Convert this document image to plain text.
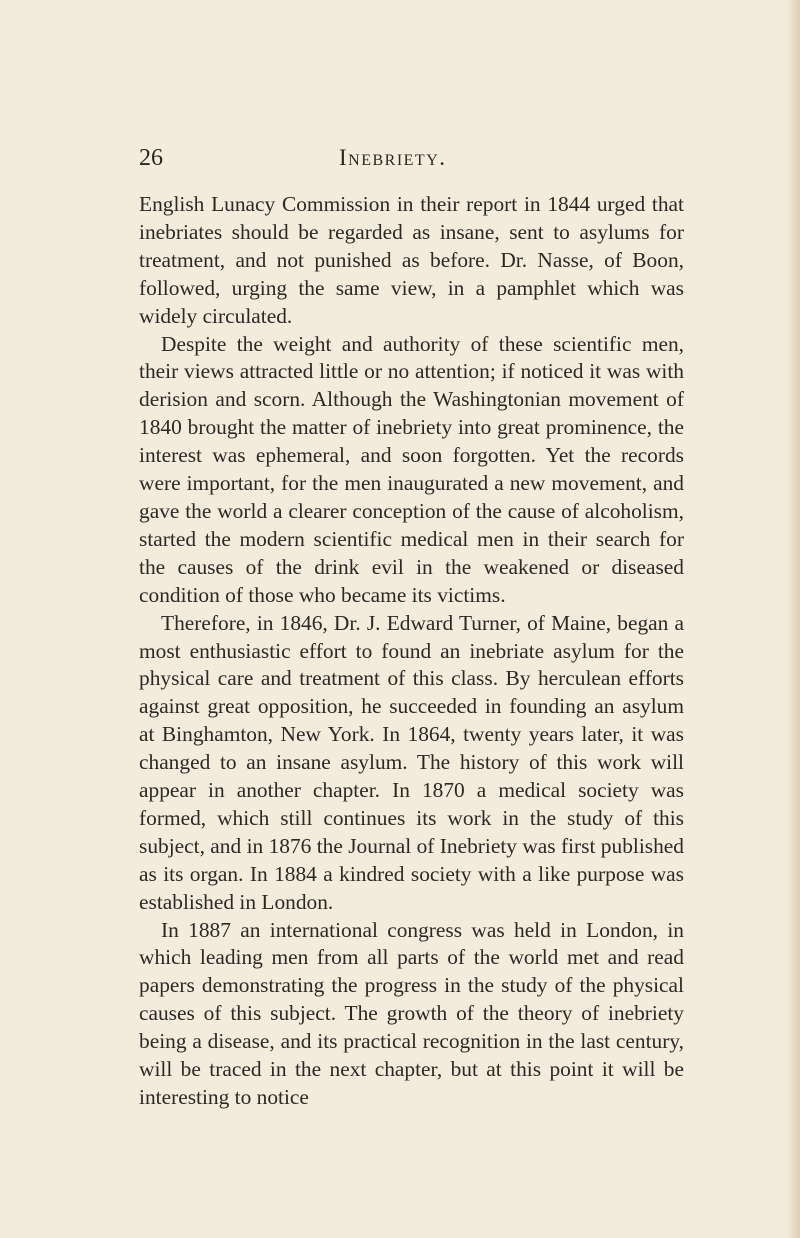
26	Inebriety.

English Lunacy Commission in their report in 1844 urged that inebriates should be regarded as insane, sent to asylums for treatment, and not punished as before. Dr. Nasse, of Boon, followed, urging the same view, in a pamphlet which was widely circulated.

Despite the weight and authority of these scientific men, their views attracted little or no attention; if noticed it was with derision and scorn. Although the Washingtonian movement of 1840 brought the matter of inebriety into great prominence, the interest was ephemeral, and soon forgotten. Yet the records were important, for the men inaugurated a new movement, and gave the world a clearer conception of the cause of alcoholism, started the modern scientific medical men in their search for the causes of the drink evil in the weakened or diseased condition of those who became its victims.

Therefore, in 1846, Dr. J. Edward Turner, of Maine, began a most enthusiastic effort to found an inebriate asylum for the physical care and treatment of this class. By herculean efforts against great opposition, he succeeded in founding an asylum at Binghamton, New York. In 1864, twenty years later, it was changed to an insane asylum. The history of this work will appear in another chapter. In 1870 a medical society was formed, which still continues its work in the study of this subject, and in 1876 the Journal of Inebriety was first published as its organ. In 1884 a kindred society with a like purpose was established in London.

In 1887 an international congress was held in London, in which leading men from all parts of the world met and read papers demonstrating the progress in the study of the physical causes of this subject. The growth of the theory of inebriety being a disease, and its practical recognition in the last century, will be traced in the next chapter, but at this point it will be interesting to notice
